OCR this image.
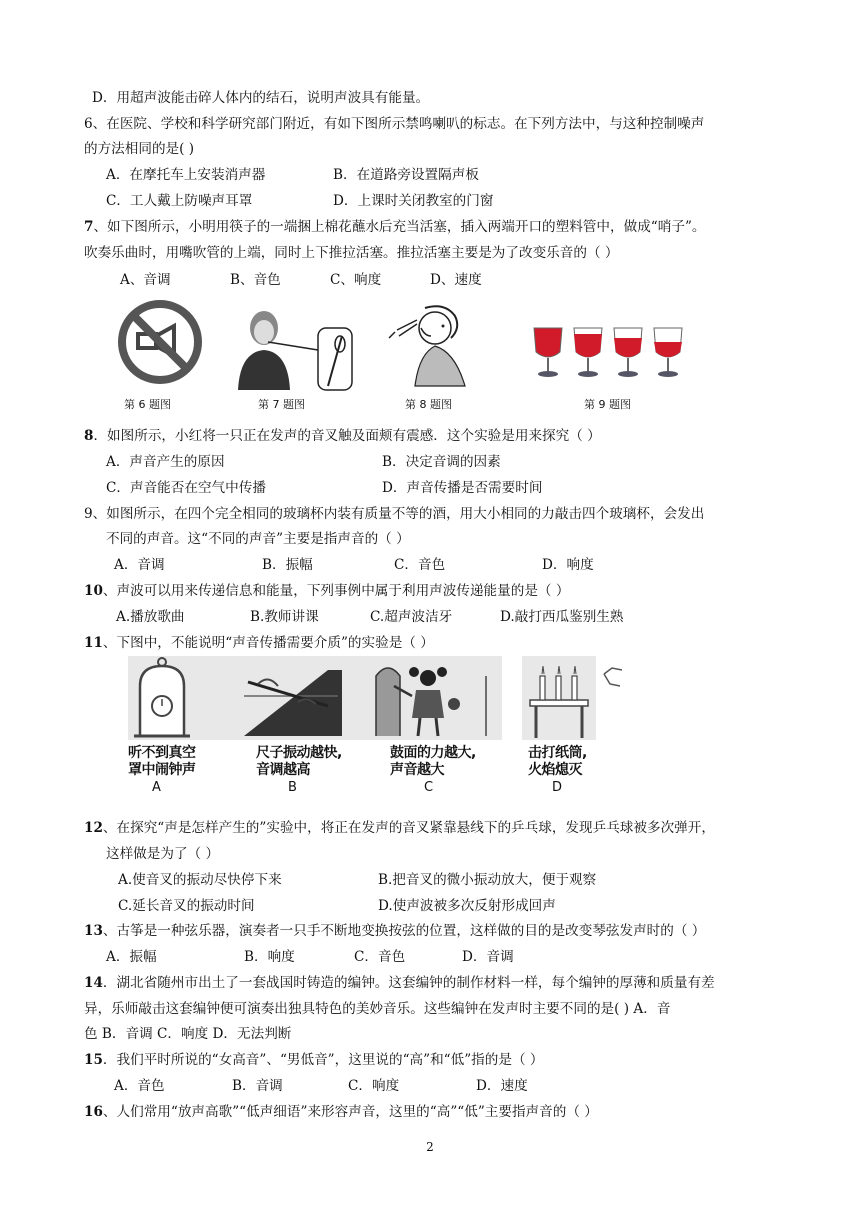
D．用超声波能击碎人体内的结石，说明声波具有能量。
6、在医院、学校和科学研究部门附近，有如下图所示禁鸣喇叭的标志。在下列方法中，与这种控制噪声
的方法相同的是( )
A．在摩托车上安装消声器	B．在道路旁设置隔声板
C．工人戴上防噪声耳罩	D．上课时关闭教室的门窗
7、如下图所示，小明用筷子的一端捆上棉花蘸水后充当活塞，插入两端开口的塑料管中，做成“哨子”。
吹奏乐曲时，用嘴吹管的上端，同时上下推拉活塞。推拉活塞主要是为了改变乐音的（ ）
A、音调	B、音色	C、响度	D、速度
第 6 题图	第 7 题图	第 8 题图	第 9 题图
8．如图所示，小红将一只正在发声的音叉触及面颊有震感．这个实验是用来探究（ ）
A．声音产生的原因	B．决定音调的因素
C．声音能否在空气中传播	D．声音传播是否需要时间
9、如图所示，在四个完全相同的玻璃杯内装有质量不等的酒，用大小相同的力敲击四个玻璃杯，会发出
不同的声音。这“不同的声音”主要是指声音的（ ）
A．音调	B．振幅	C．音色	D．响度
10、声波可以用来传递信息和能量，下列事例中属于利用声波传递能量的是（ ）
A.播放歌曲	B.教师讲课	C.超声波洁牙	D.敲打西瓜鉴别生熟
11、下图中，不能说明“声音传播需要介质”的实验是（ ）
听不到真空
罩中闹钟声
A
尺子振动越快,
音调越高
B
鼓面的力越大,
声音越大
C
击打纸筒,
火焰熄灭
D
12、在探究“声是怎样产生的”实验中，将正在发声的音叉紧靠悬线下的乒乓球，发现乒乓球被多次弹开，
这样做是为了（ ）
A.使音叉的振动尽快停下来	B.把音叉的微小振动放大，便于观察
C.延长音叉的振动时间	D.使声波被多次反射形成回声
13、古筝是一种弦乐器，演奏者一只手不断地变换按弦的位置，这样做的目的是改变琴弦发声时的（ ）
A．振幅	B．响度	C．音色	D．音调
14．湖北省随州市出土了一套战国时铸造的编钟。这套编钟的制作材料一样，每个编钟的厚薄和质量有差
异，乐师敲击这套编钟便可演奏出独具特色的美妙音乐。这些编钟在发声时主要不同的是( ) A．音
色 B．音调 C．响度 D．无法判断
15．我们平时所说的“女高音”、“男低音”，这里说的“高”和“低”指的是（ ）
A．音色	B．音调	C．响度	D．速度
16、人们常用“放声高歌”“低声细语”来形容声音，这里的“高”“低”主要指声音的（ ）
2
